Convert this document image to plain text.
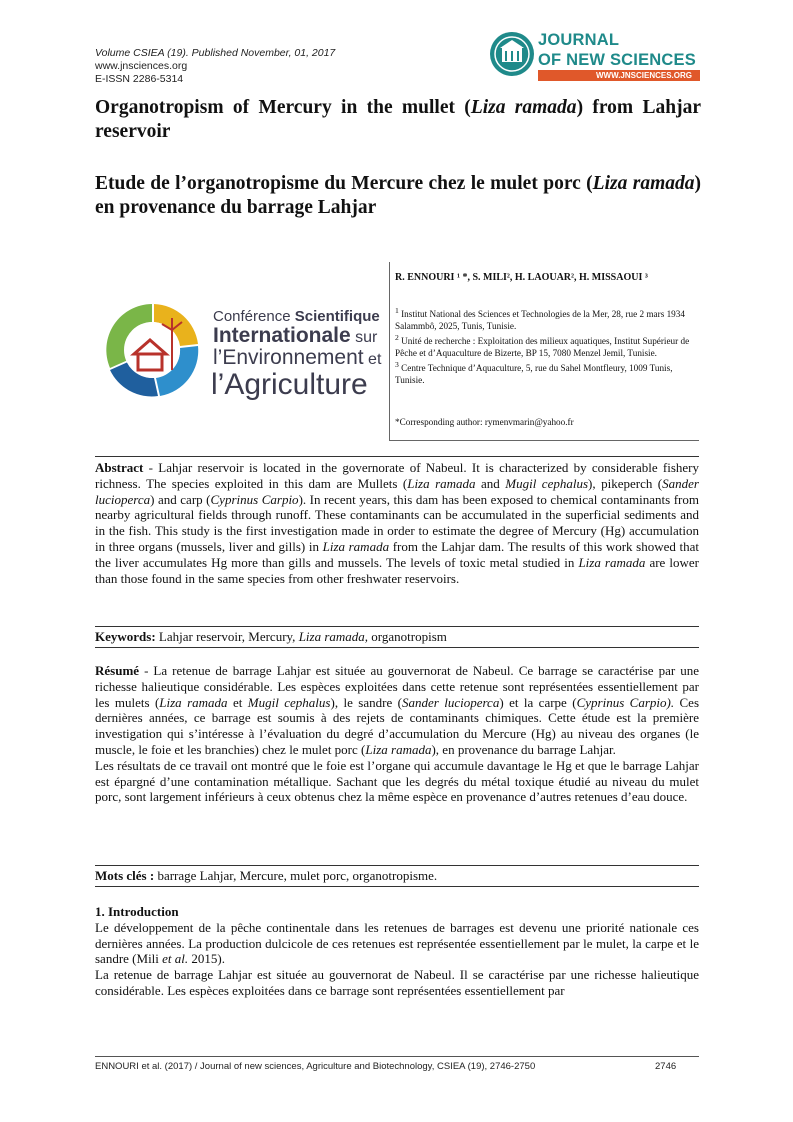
Volume CSIEA (19). Published November, 01, 2017
www.jnsciences.org
E-ISSN 2286-5314
JOURNAL
OF NEW SCIENCES
WWW.JNSCIENCES.ORG
Organotropism of Mercury in the mullet (Liza ramada) from Lahjar reservoir
Etude de l’organotropisme du Mercure chez le mulet porc (Liza ramada) en provenance du barrage Lahjar
Conférence Scientifique
Internationale sur
l’Environnement et
l’Agriculture
R. ENNOURI ¹ *, S. MILI², H. LAOUAR², H. MISSAOUI ³

$^1$ Institut National des Sciences et Technologies de la Mer, 28, rue 2 mars 1934 Salammbô, 2025, Tunis, Tunisie.

$^2$ Unité de recherche : Exploitation des milieux aquatiques, Institut Supérieur de Pêche et d’Aquaculture de Bizerte, BP 15, 7080 Menzel Jemil, Tunisie.

$^3$ Centre Technique d’Aquaculture, 5, rue du Sahel Montfleury, 1009 Tunis, Tunisie.

*Corresponding author: rymenvmarin@yahoo.fr

Abstract - Lahjar reservoir is located in the governorate of Nabeul. It is characterized by considerable fishery richness. The species exploited in this dam are Mullets (Liza ramada and Mugil cephalus), pikeperch (Sander lucioperca) and carp (Cyprinus Carpio). In recent years, this dam has been exposed to chemical contaminants from nearby agricultural fields through runoff. These contaminants can be accumulated in the superficial sediments and in the fish. This study is the first investigation made in order to estimate the degree of Mercury (Hg) accumulation in three organs (mussels, liver and gills) in Liza ramada from the Lahjar dam. The results of this work showed that the liver accumulates Hg more than gills and mussels. The levels of toxic metal studied in Liza ramada are lower than those found in the same species from other freshwater reservoirs.

Keywords: Lahjar reservoir, Mercury, Liza ramada, organotropism

Résumé - La retenue de barrage Lahjar est située au gouvernorat de Nabeul. Ce barrage se caractérise par une richesse halieutique considérable. Les espèces exploitées dans cette retenue sont représentées essentiellement par les mulets (Liza ramada et Mugil cephalus), le sandre (Sander lucioperca) et la carpe (Cyprinus Carpio). Ces dernières années, ce barrage est soumis à des rejets de contaminants chimiques. Cette étude est la première investigation qui s’intéresse à l’évaluation du degré d’accumulation du Mercure (Hg) au niveau des organes (le muscle, le foie et les branchies) chez le mulet porc (Liza ramada), en provenance du barrage Lahjar.

Les résultats de ce travail ont montré que le foie est l’organe qui accumule davantage le Hg et que le barrage Lahjar est épargné d’une contamination métallique. Sachant que les degrés du métal toxique étudié au niveau du mulet porc, sont largement inférieurs à ceux obtenus chez la même espèce en provenance d’autres retenues d’eau douce.

Mots clés : barrage Lahjar, Mercure, mulet porc, organotropisme.

1. Introduction

Le développement de la pêche continentale dans les retenues de barrages est devenu une priorité nationale ces dernières années. La production dulcicole de ces retenues est représentée essentiellement par le mulet, la carpe et le sandre (Mili et al. 2015).

La retenue de barrage Lahjar est située au gouvernorat de Nabeul. Il se caractérise par une richesse halieutique considérable. Les espèces exploitées dans ce barrage sont représentées essentiellement par

ENNOURI et al. (2017) / Journal of new sciences, Agriculture and Biotechnology, CSIEA (19), 2746-2750	2746
